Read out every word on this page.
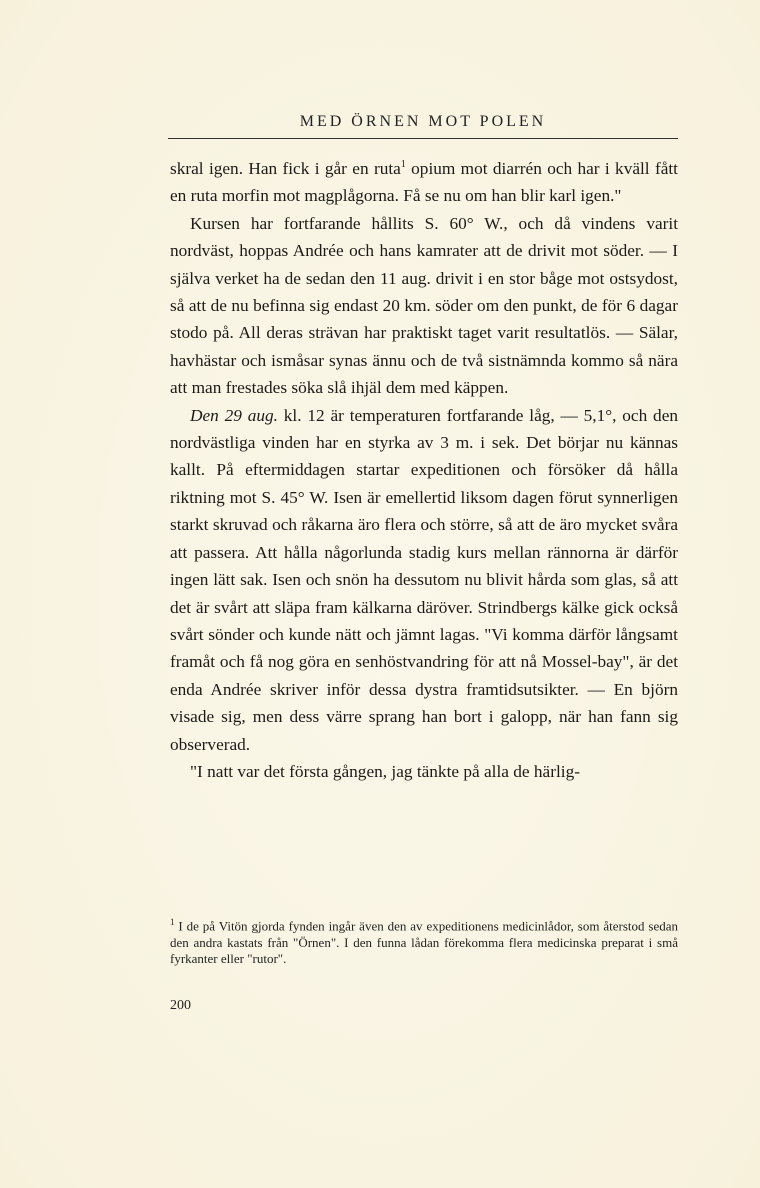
MED ÖRNEN MOT POLEN

skral igen. Han fick i går en ruta$^1$ opium mot diarrén och har i kväll fått en ruta morfin mot magplågorna. Få se nu om han blir karl igen."

Kursen har fortfarande hållits S. 60° W., och då vindens varit nordväst, hoppas Andrée och hans kamrater att de drivit mot söder. — I själva verket ha de sedan den 11 aug. drivit i en stor båge mot ostsydost, så att de nu befinna sig endast 20 km. söder om den punkt, de för 6 dagar stodo på. All deras strävan har praktiskt taget varit resultatlös. — Sälar, havhästar och ismåsar synas ännu och de två sistnämnda kommo så nära att man frestades söka slå ihjäl dem med käppen.

Den 29 aug. kl. 12 är temperaturen fortfarande låg, — 5,1°, och den nordvästliga vinden har en styrka av 3 m. i sek. Det börjar nu kännas kallt. På eftermiddagen startar expeditionen och försöker då hålla riktning mot S. 45° W. Isen är emellertid liksom dagen förut synnerligen starkt skruvad och råkarna äro flera och större, så att de äro mycket svåra att passera. Att hålla någorlunda stadig kurs mellan rännorna är därför ingen lätt sak. Isen och snön ha dessutom nu blivit hårda som glas, så att det är svårt att släpa fram kälkarna däröver. Strindbergs kälke gick också svårt sönder och kunde nätt och jämnt lagas. "Vi komma därför långsamt framåt och få nog göra en senhöstvandring för att nå Mossel-bay", är det enda Andrée skriver inför dessa dystra framtidsutsikter. — En björn visade sig, men dess värre sprang han bort i galopp, när han fann sig observerad.

"I natt var det första gången, jag tänkte på alla de härlig-

$^1$ I de på Vitön gjorda fynden ingår även den av expeditionens medicinlådor, som återstod sedan den andra kastats från "Örnen". I den funna lådan förekomma flera medicinska preparat i små fyrkanter eller "rutor".
200
